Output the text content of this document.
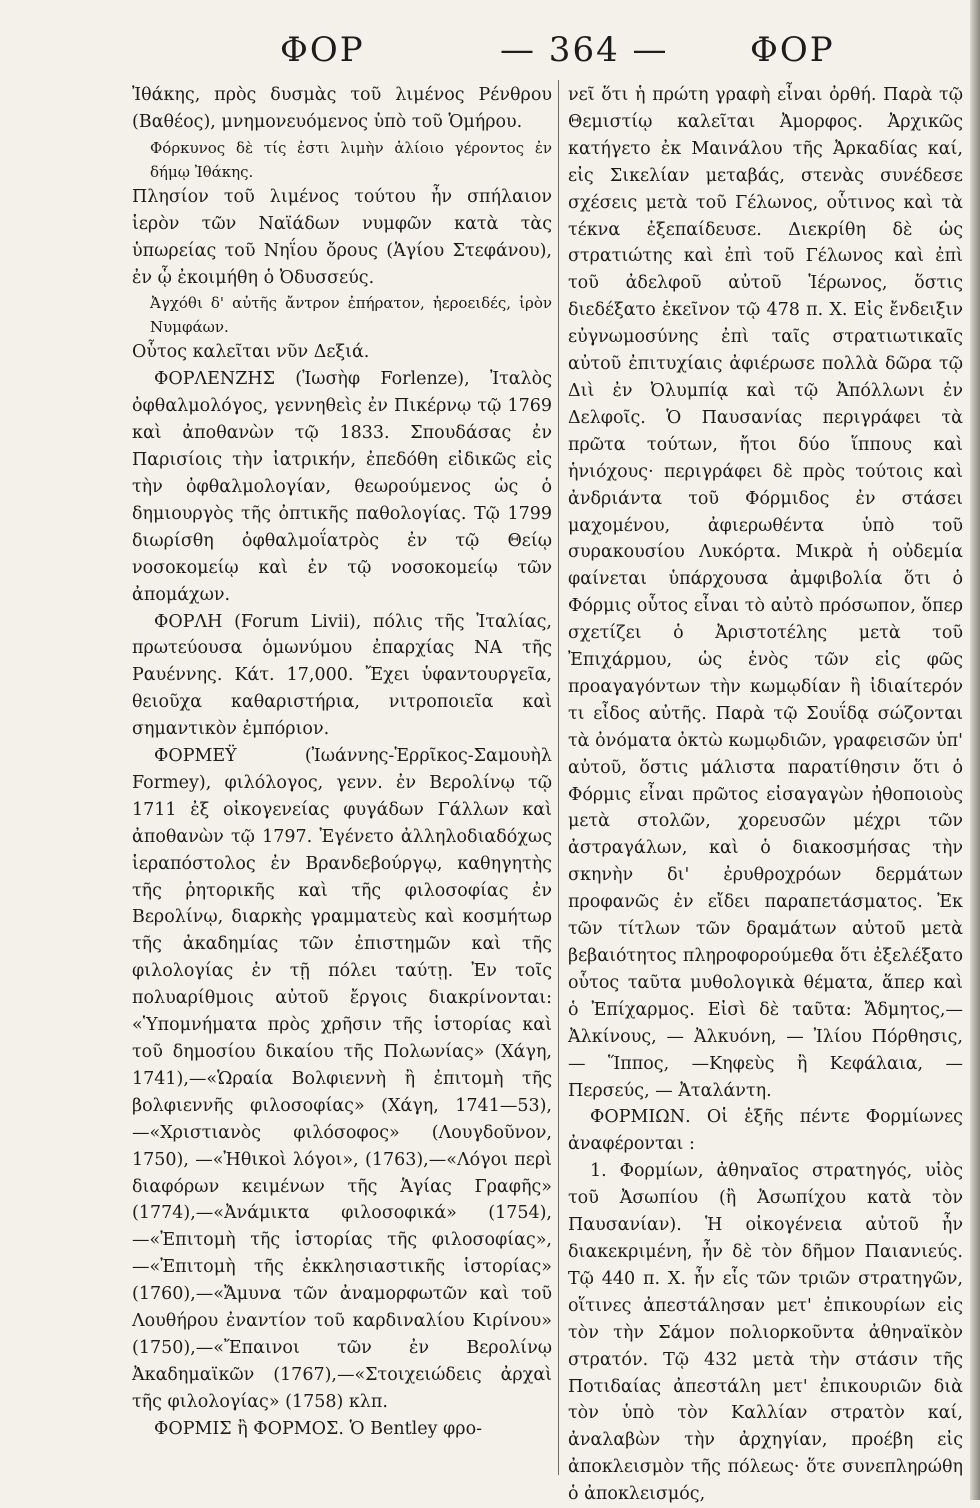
ΦΟΡ	— 364 — ΦΟΡ

Ἰθάκης, πρὸς δυσμὰς τοῦ λιμένος Ρένθρου (Βαθέος), μνημονευόμενος ὑπὸ τοῦ Ὁμήρου.

Φόρκυνος δὲ τίς ἐστι λιμὴν ἁλίοιο γέροντος ἐν δήμῳ Ἰθάκης.

Πλησίον τοῦ λιμένος τούτου ἦν σπήλαιον ἱερὸν τῶν Ναϊάδων νυμφῶν κατὰ τὰς ὑπωρείας τοῦ Νηΐου ὄρους (Ἁγίου Στεφάνου), ἐν ᾧ ἐκοιμήθη ὁ Ὀδυσσεύς.

Ἀγχόθι δ' αὐτῆς ἄντρον ἐπήρατον, ἠεροειδές, ἱρὸν Νυμφάων.

Οὗτος καλεῖται νῦν Δεξιά.

ΦΟΡΛΕΝΖΗΣ (Ἰωσὴφ Forlenze), Ἰταλὸς ὀφθαλμολόγος, γεννηθεὶς ἐν Πικέρνῳ τῷ 1769 καὶ ἀποθανὼν τῷ 1833. Σπουδάσας ἐν Παρισίοις τὴν ἰατρικήν, ἐπεδόθη εἰδικῶς εἰς τὴν ὀφθαλμολογίαν, θεωρούμενος ὡς ὁ δημιουργὸς τῆς ὀπτικῆς παθολογίας. Τῷ 1799 διωρίσθη ὀφθαλμοΐατρὸς ἐν τῷ Θείῳ νοσοκομείῳ καὶ ἐν τῷ νοσοκομείῳ τῶν ἀπομάχων.

ΦΟΡΛΗ (Forum Livii), πόλις τῆς Ἰταλίας, πρωτεύουσα ὁμωνύμου ἐπαρχίας ΝΑ τῆς Ραυέννης. Κάτ. 17,000. Ἔχει ὑφαντουργεῖα, θειοῦχα καθαριστήρια, νιτροποιεῖα καὶ σημαντικὸν ἐμπόριον.

ΦΟΡΜΕΫ (Ἰωάννης-Ἑρρῖκος-Σαμουὴλ Formey), φιλόλογος, γενν. ἐν Βερολίνῳ τῷ 1711 ἐξ οἰκογενείας φυγάδων Γάλλων καὶ ἀποθανὼν τῷ 1797. Ἐγένετο ἀλληλοδιαδόχως ἱεραπόστολος ἐν Βρανδεβούργῳ, καθηγητὴς τῆς ῥητορικῆς καὶ τῆς φιλοσοφίας ἐν Βερολίνῳ, διαρκὴς γραμματεὺς καὶ κοσμήτωρ τῆς ἀκαδημίας τῶν ἐπιστημῶν καὶ τῆς φιλολογίας ἐν τῇ πόλει ταύτῃ. Ἐν τοῖς πολυαρίθμοις αὐτοῦ ἔργοις διακρίνονται: «Ὑπομνήματα πρὸς χρῆσιν τῆς ἱστορίας καὶ τοῦ δημοσίου δικαίου τῆς Πολωνίας» (Χάγη, 1741),—«Ὡραία Βολφιεννὴ ἢ ἐπιτομὴ τῆς βολφιεννῆς φιλοσοφίας» (Χάγη, 1741—53), —«Χριστιανὸς φιλόσοφος» (Λουγδοῦνον, 1750), —«Ἠθικοὶ λόγοι», (1763),—«Λόγοι περὶ διαφόρων κειμένων τῆς Ἁγίας Γραφῆς» (1774),—«Ἀνάμικτα φιλοσοφικά» (1754), —«Ἐπιτομὴ τῆς ἱστορίας τῆς φιλοσοφίας», —«Ἐπιτομὴ τῆς ἐκκλησιαστικῆς ἱστορίας» (1760),—«Ἄμυνα τῶν ἀναμορφωτῶν καὶ τοῦ Λουθήρου ἐναντίον τοῦ καρδιναλίου Κιρίνου» (1750),—«Ἔπαινοι τῶν ἐν Βερολίνῳ Ἀκαδημαϊκῶν (1767),—«Στοιχειώδεις ἀρχαὶ τῆς φιλολογίας» (1758) κλπ.

ΦΟΡΜΙΣ ἢ ΦΟΡΜΟΣ. Ὁ Bentley φρο-

νεῖ ὅτι ἡ πρώτη γραφὴ εἶναι ὀρθή. Παρὰ τῷ Θεμιστίῳ καλεῖται Ἀμορφος. Ἀρχικῶς κατήγετο ἐκ Μαινάλου τῆς Ἀρκαδίας καί, εἰς Σικελίαν μεταβάς, στενὰς συνέδεσε σχέσεις μετὰ τοῦ Γέλωνος, οὗτινος καὶ τὰ τέκνα ἐξεπαίδευσε. Διεκρίθη δὲ ὡς στρατιώτης καὶ ἐπὶ τοῦ Γέλωνος καὶ ἐπὶ τοῦ ἀδελφοῦ αὐτοῦ Ἱέρωνος, ὅστις διεδέξατο ἐκεῖνον τῷ 478 π. Χ. Εἰς ἔνδειξιν εὐγνωμοσύνης ἐπὶ ταῖς στρατιωτικαῖς αὐτοῦ ἐπιτυχίαις ἀφιέρωσε πολλὰ δῶρα τῷ Διὶ ἐν Ὀλυμπίᾳ καὶ τῷ Ἀπόλλωνι ἐν Δελφοῖς. Ὁ Παυσανίας περιγράφει τὰ πρῶτα τούτων, ἤτοι δύο ἵππους καὶ ἡνιόχους· περιγράφει δὲ πρὸς τούτοις καὶ ἀνδριάντα τοῦ Φόρμιδος ἐν στάσει μαχομένου, ἀφιερωθέντα ὑπὸ τοῦ συρακουσίου Λυκόρτα. Μικρὰ ἡ οὐδεμία φαίνεται ὑπάρχουσα ἀμφιβολία ὅτι ὁ Φόρμις οὗτος εἶναι τὸ αὐτὸ πρόσωπον, ὅπερ σχετίζει ὁ Ἀριστοτέλης μετὰ τοῦ Ἐπιχάρμου, ὡς ἑνὸς τῶν εἰς φῶς προαγαγόντων τὴν κωμῳδίαν ἢ ἰδιαίτερόν τι εἶδος αὐτῆς. Παρὰ τῷ Σουΐδᾳ σώζονται τὰ ὀνόματα ὀκτὼ κωμῳδιῶν, γραφεισῶν ὑπ' αὐτοῦ, ὅστις μάλιστα παρατίθησιν ὅτι ὁ Φόρμις εἶναι πρῶτος εἰσαγαγὼν ἠθοποιοὺς μετὰ στολῶν, χορευσῶν μέχρι τῶν ἀστραγάλων, καὶ ὁ διακοσμήσας τὴν σκηνὴν δι' ἐρυθροχρόων δερμάτων προφανῶς ἐν εἴδει παραπετάσματος. Ἐκ τῶν τίτλων τῶν δραμάτων αὐτοῦ μετὰ βεβαιότητος πληροφορούμεθα ὅτι ἐξελέξατο οὗτος ταῦτα μυθολογικὰ θέματα, ἅπερ καὶ ὁ Ἐπίχαρμος. Εἰσὶ δὲ ταῦτα: Ἄδμητος,— Ἀλκίνους, — Ἀλκυόνη, — Ἰλίου Πόρθησις, — Ἵππος, —Κηφεὺς ἢ Κεφάλαια, — Περσεύς, — Ἀταλάντη.

ΦΟΡΜΙΩΝ. Οἱ ἑξῆς πέντε Φορμίωνες ἀναφέρονται :

1. Φορμίων, ἀθηναῖος στρατηγός, υἱὸς τοῦ Ἀσωπίου (ἢ Ἀσωπίχου κατὰ τὸν Παυσανίαν). Ἡ οἰκογένεια αὐτοῦ ἦν διακεκριμένη, ἦν δὲ τὸν δῆμον Παιανιεύς. Τῷ 440 π. Χ. ἦν εἷς τῶν τριῶν στρατηγῶν, οἵτινες ἀπεστάλησαν μετ' ἐπικουρίων εἰς τὸν τὴν Σάμον πολιορκοῦντα ἀθηναϊκὸν στρατόν. Τῷ 432 μετὰ τὴν στάσιν τῆς Ποτιδαίας ἀπεστάλη μετ' ἐπικουριῶν διὰ τὸν ὑπὸ τὸν Καλλίαν στρατὸν καί, ἀναλαβὼν τὴν ἀρχηγίαν, προέβη εἰς ἀποκλεισμὸν τῆς πόλεως· ὅτε συνεπληρώθη ὁ ἀποκλεισμός,
